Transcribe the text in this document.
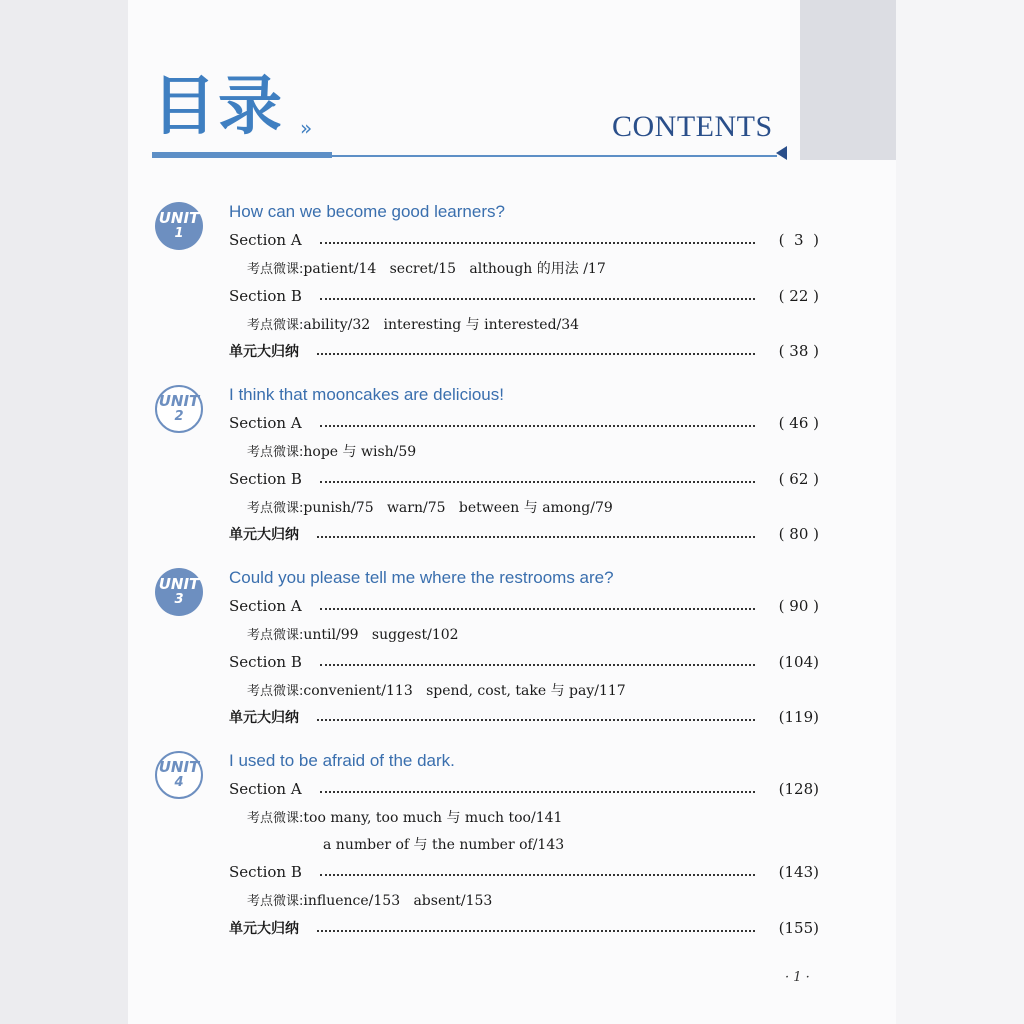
目录 »	CONTENTS
UNIT
1
How can we become good learners?
Section A	(  3  )
考点微课:patient/14   secret/15   although 的用法 /17
Section B	( 22 )
考点微课:ability/32   interesting 与 interested/34
单元大归纳	( 38 )
UNIT
2
I think that mooncakes are delicious!
Section A	( 46 )
考点微课:hope 与 wish/59
Section B	( 62 )
考点微课:punish/75   warn/75   between 与 among/79
单元大归纳	( 80 )
UNIT
3
Could you please tell me where the restrooms are?
Section A	( 90 )
考点微课:until/99   suggest/102
Section B	(104)
考点微课:convenient/113   spend, cost, take 与 pay/117
单元大归纳	(119)
UNIT
4
I used to be afraid of the dark.
Section A	(128)
考点微课:too many, too much 与 much too/141
a number of 与 the number of/143
Section B	(143)
考点微课:influence/153   absent/153
单元大归纳	(155)
· 1 ·
